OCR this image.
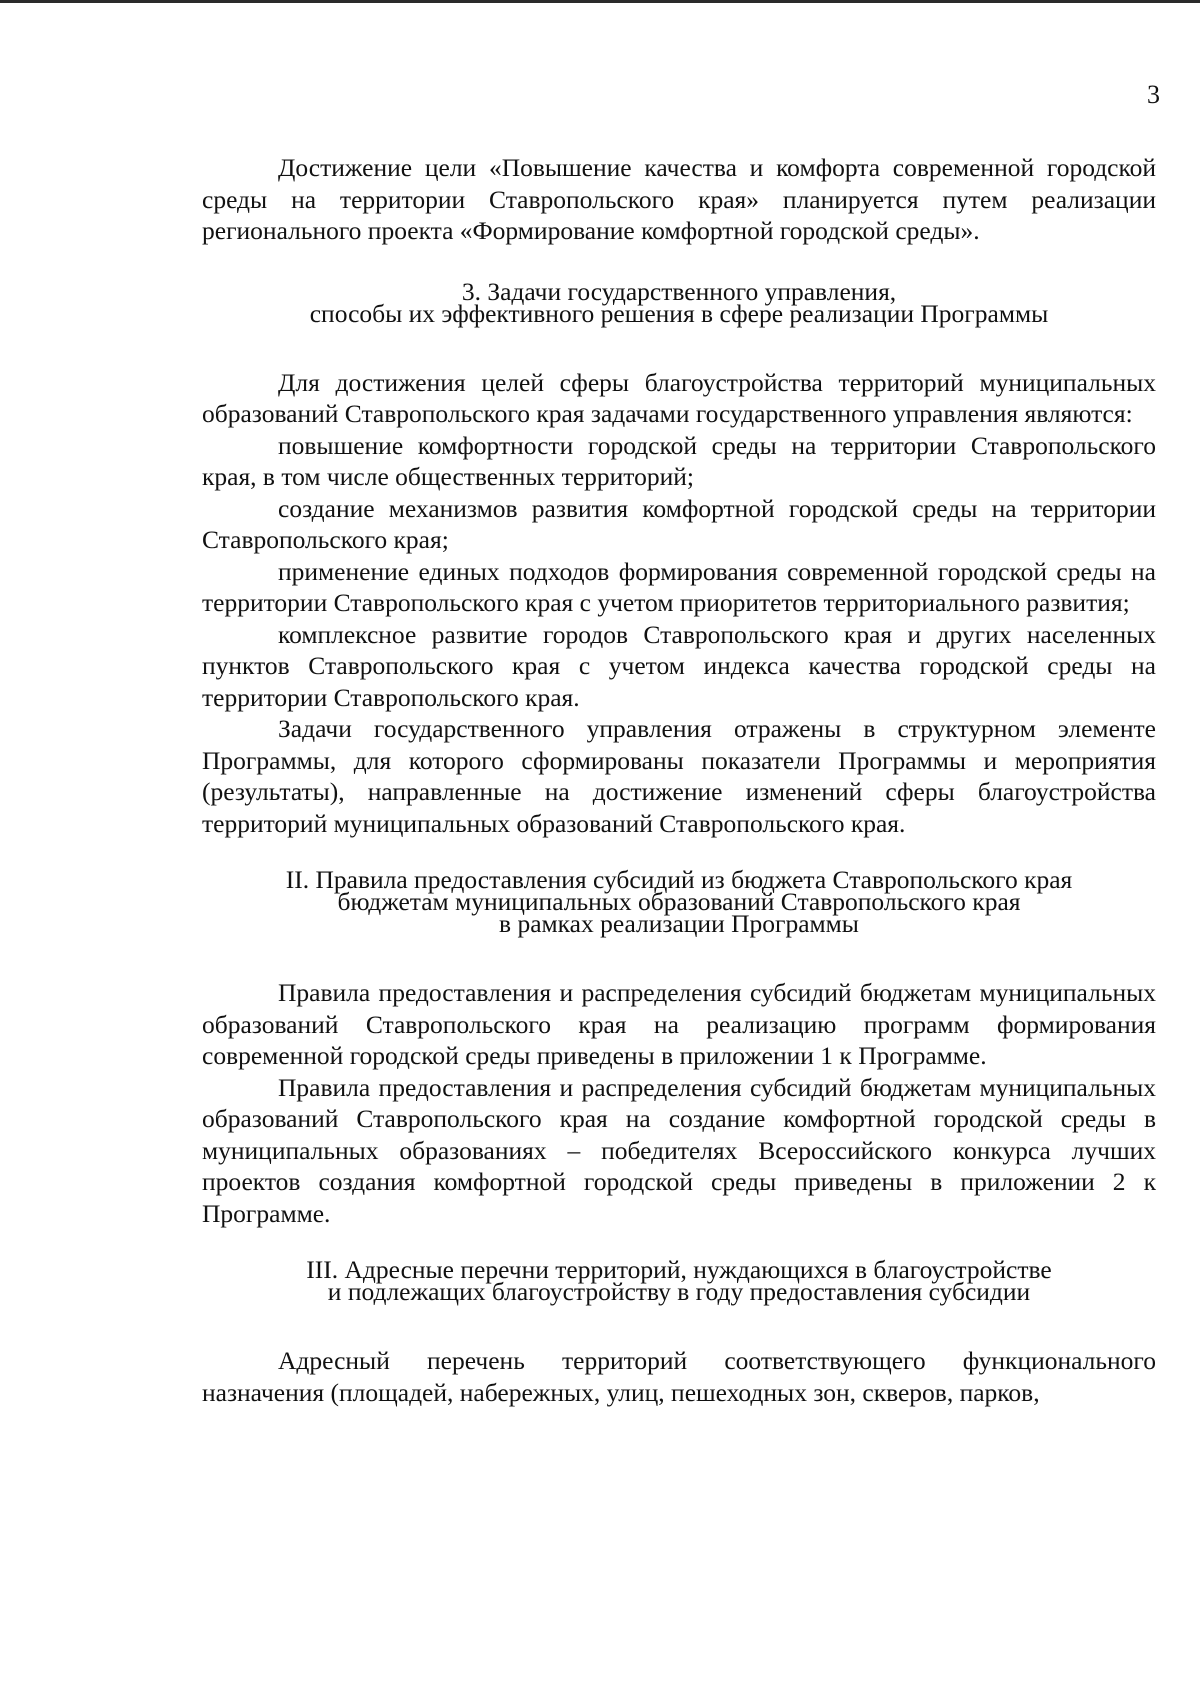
3

Достижение цели «Повышение качества и комфорта современной городской среды на территории Ставропольского края» планируется путем реализации регионального проекта «Формирование комфортной городской среды».

3. Задачи государственного управления,
способы их эффективного решения в сфере реализации Программы

Для достижения целей сферы благоустройства территорий муниципальных образований Ставропольского края задачами государственного управления являются:

повышение комфортности городской среды на территории Ставропольского края, в том числе общественных территорий;

создание механизмов развития комфортной городской среды на территории Ставропольского края;

применение единых подходов формирования современной городской среды на территории Ставропольского края с учетом приоритетов территориального развития;

комплексное развитие городов Ставропольского края и других населенных пунктов Ставропольского края с учетом индекса качества городской среды на территории Ставропольского края.

Задачи государственного управления отражены в структурном элементе Программы, для которого сформированы показатели Программы и мероприятия (результаты), направленные на достижение изменений сферы благоустройства территорий муниципальных образований Ставропольского края.

II. Правила предоставления субсидий из бюджета Ставропольского края
бюджетам муниципальных образований Ставропольского края
в рамках реализации Программы

Правила предоставления и распределения субсидий бюджетам муниципальных образований Ставропольского края на реализацию программ формирования современной городской среды приведены в приложении 1 к Программе.

Правила предоставления и распределения субсидий бюджетам муниципальных образований Ставропольского края на создание комфортной городской среды в муниципальных образованиях – победителях Всероссийского конкурса лучших проектов создания комфортной городской среды приведены в приложении 2 к Программе.

III. Адресные перечни территорий, нуждающихся в благоустройстве
и подлежащих благоустройству в году предоставления субсидии

Адресный перечень территорий соответствующего функционального назначения (площадей, набережных, улиц, пешеходных зон, скверов, парков,
